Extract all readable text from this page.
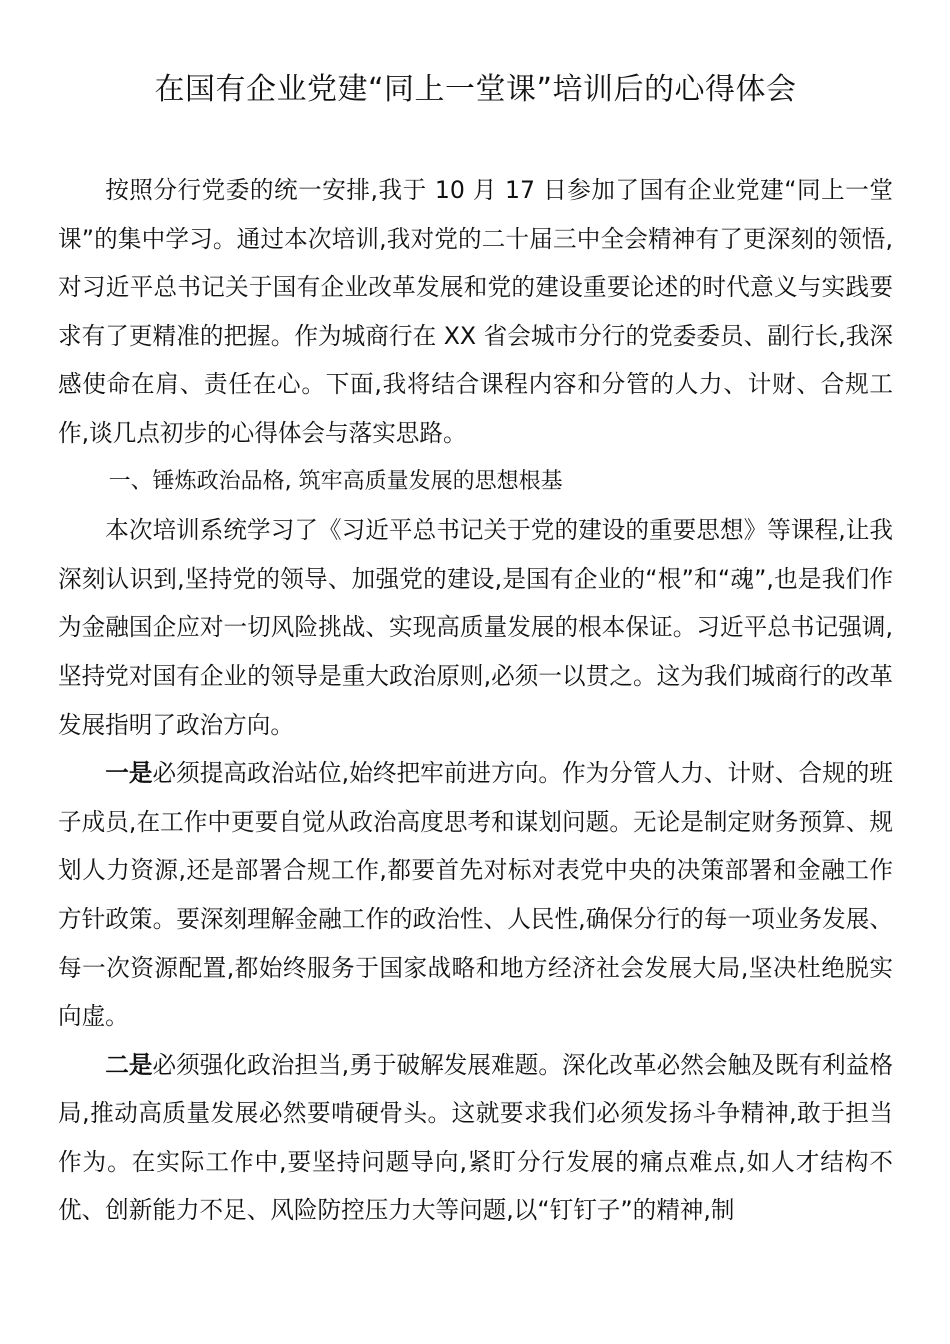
在国有企业党建“同上一堂课”培训后的心得体会

按照分行党委的统一安排,我于 10 月 17 日参加了国有企业党建“同上一堂课”的集中学习。通过本次培训,我对党的二十届三中全会精神有了更深刻的领悟,对习近平总书记关于国有企业改革发展和党的建设重要论述的时代意义与实践要求有了更精准的把握。作为城商行在 XX 省会城市分行的党委委员、副行长,我深感使命在肩、责任在心。下面,我将结合课程内容和分管的人力、计财、合规工作,谈几点初步的心得体会与落实思路。

一、锤炼政治品格, 筑牢高质量发展的思想根基

本次培训系统学习了《习近平总书记关于党的建设的重要思想》等课程,让我深刻认识到,坚持党的领导、加强党的建设,是国有企业的“根”和“魂”,也是我们作为金融国企应对一切风险挑战、实现高质量发展的根本保证。习近平总书记强调,坚持党对国有企业的领导是重大政治原则,必须一以贯之。这为我们城商行的改革发展指明了政治方向。

一是必须提高政治站位,始终把牢前进方向。作为分管人力、计财、合规的班子成员,在工作中更要自觉从政治高度思考和谋划问题。无论是制定财务预算、规划人力资源,还是部署合规工作,都要首先对标对表党中央的决策部署和金融工作方针政策。要深刻理解金融工作的政治性、人民性,确保分行的每一项业务发展、每一次资源配置,都始终服务于国家战略和地方经济社会发展大局,坚决杜绝脱实向虚。

二是必须强化政治担当,勇于破解发展难题。深化改革必然会触及既有利益格局,推动高质量发展必然要啃硬骨头。这就要求我们必须发扬斗争精神,敢于担当作为。在实际工作中,要坚持问题导向,紧盯分行发展的痛点难点,如人才结构不优、创新能力不足、风险防控压力大等问题,以“钉钉子”的精神,制
